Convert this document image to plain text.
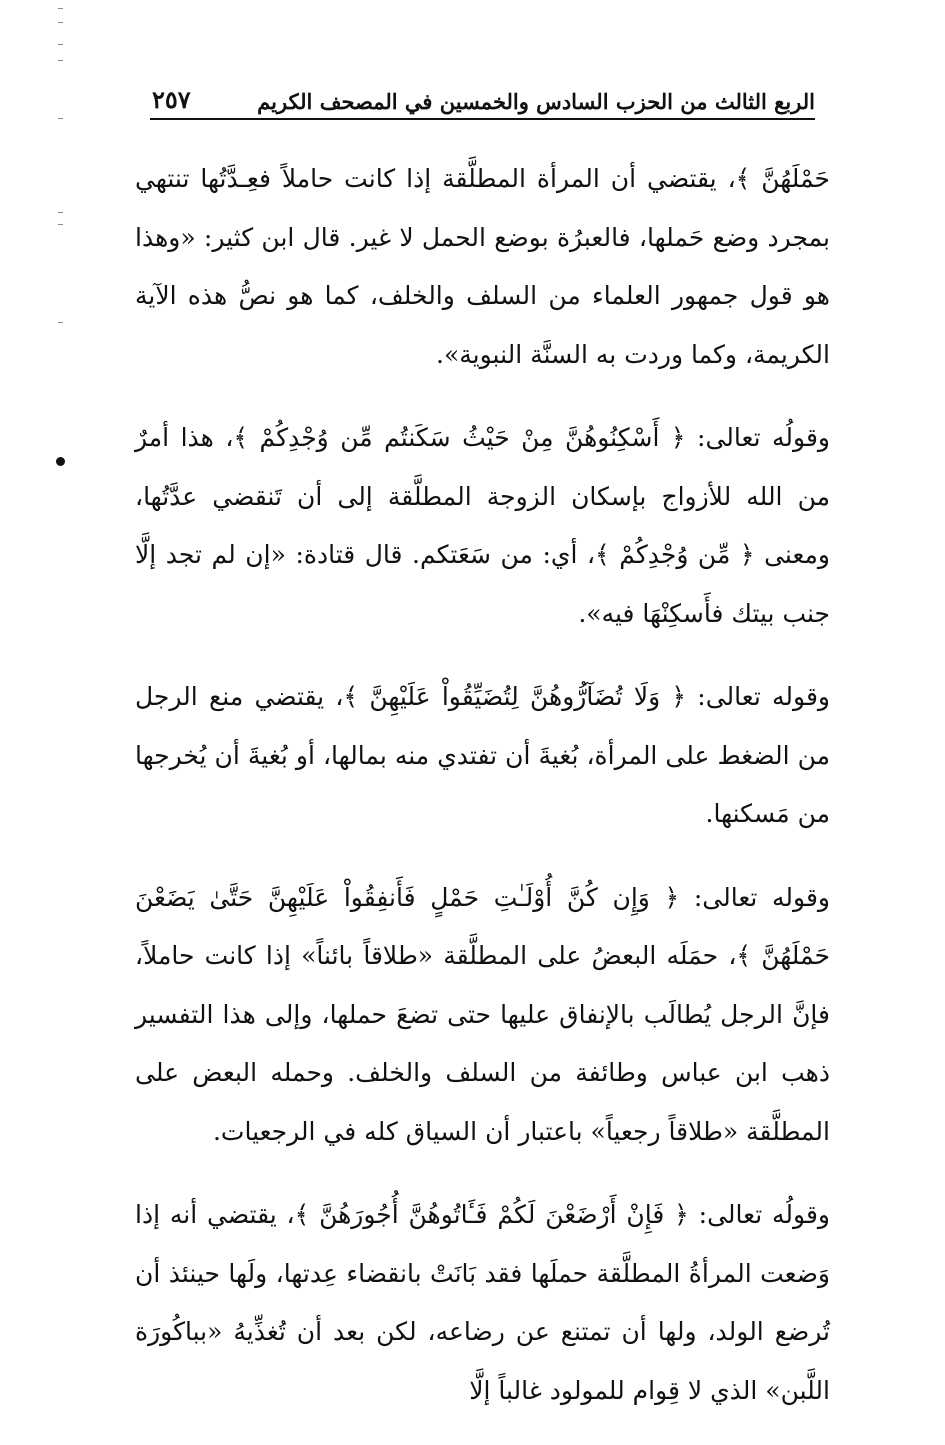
الربع الثالث من الحزب السادس والخمسين في المصحف الكريم
٢٥٧

حَمْلَهُنَّ ﴾، يقتضي أن المرأة المطلَّقة إذا كانت حاملاً فعِـدَّتُها تنتهي بمجرد وضع حَملها، فالعبرُة بوضع الحمل لا غير. قال ابن كثير: «وهذا هو قول جمهور العلماء من السلف والخلف، كما هو نصُّ هذه الآية الكريمة، وكما وردت به السنَّة النبوية».

وقولُه تعالى: ﴿ أَسْكِنُوهُنَّ مِنْ حَيْثُ سَكَنتُم مِّن وُجْدِكُمْ ﴾، هذا أمرٌ من الله للأزواج بإسكان الزوجة المطلَّقة إلى أن تَنقضي عدَّتُها، ومعنى ﴿ مِّن وُجْدِكُمْ ﴾، أي: من سَعَتكم. قال قتادة: «إن لم تجد إلَّا جنب بيتك فأَسكِنْهَا فيه».

وقوله تعالى: ﴿ وَلَا تُضَآرُّوهُنَّ لِتُضَيِّقُواْ عَلَيْهِنَّ ﴾، يقتضي منع الرجل من الضغط على المرأة، بُغيةَ أن تفتدي منه بمالها، أو بُغيةَ أن يُخرجها من مَسكنها.

وقوله تعالى: ﴿ وَإِن كُنَّ أُوْلَـٰتِ حَمْلٍ فَأَنفِقُواْ عَلَيْهِنَّ حَتَّىٰ يَضَعْنَ حَمْلَهُنَّ ﴾، حمَلَه البعضُ على المطلَّقة «طلاقاً بائناً» إذا كانت حاملاً، فإنَّ الرجل يُطالَب بالإنفاق عليها حتى تضعَ حملها، وإلى هذا التفسير ذهب ابن عباس وطائفة من السلف والخلف. وحمله البعض على المطلَّقة «طلاقاً رجعياً» باعتبار أن السياق كله في الرجعيات.

وقولُه تعالى: ﴿ فَإِنْ أَرْضَعْنَ لَكُمْ فَـَٔاتُوهُنَّ أُجُورَهُنَّ ﴾، يقتضي أنه إذا وَضعت المرأةُ المطلَّقة حملَها فقد بَانَتْ بانقضاء عِدتها، ولَها حينئذ أن تُرضع الولد، ولها أن تمتنع عن رضاعه، لكن بعد أن تُغذِّيهُ «بباكُورَة اللَّبن» الذي لا قِوام للمولود غالباً إلَّا
